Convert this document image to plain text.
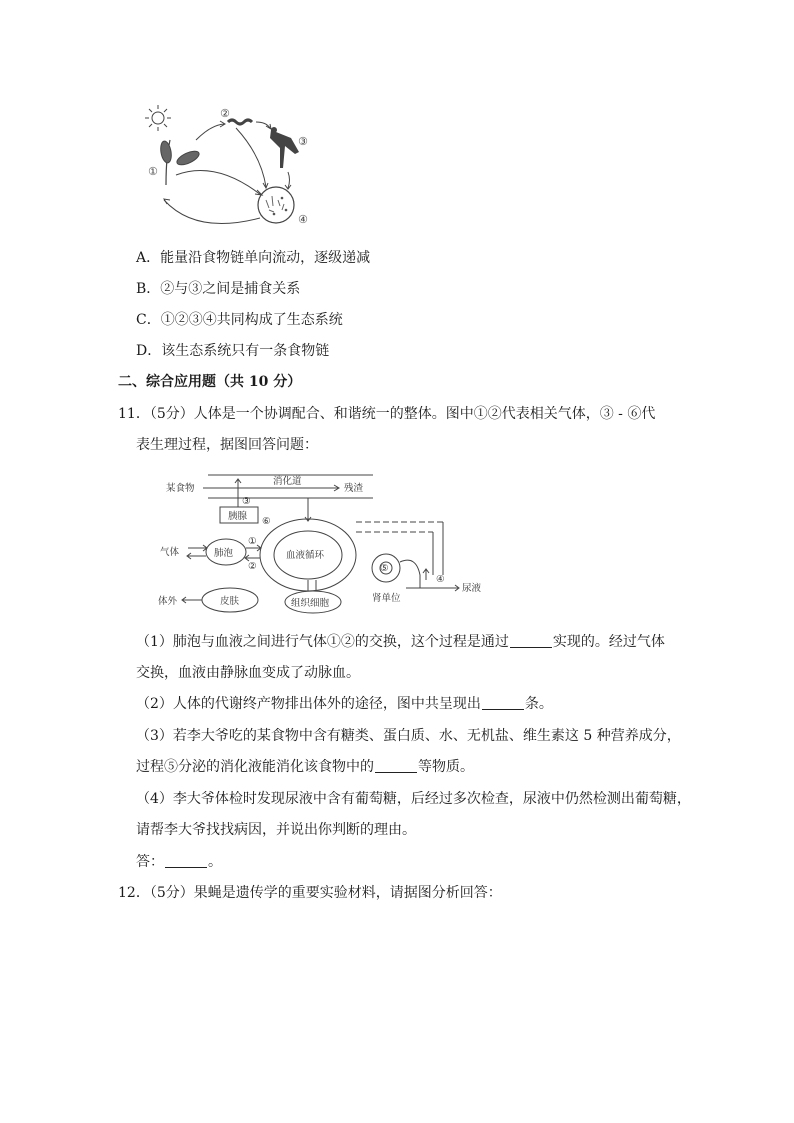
①
②
③
④
A．能量沿食物链单向流动，逐级递减
B．②与③之间是捕食关系
C．①②③④共同构成了生态系统
D．该生态系统只有一条食物链
二、综合应用题（共 10 分）
11．（5分）人体是一个协调配合、和谐统一的整体。图中①②代表相关气体，③ - ⑥代
表生理过程，据图回答问题：
某食物
消化道
残渣
胰腺
气体	肺泡	血液循环
皮肤	组织细胞
体外
尿液
肾单位
③
⑥
①
②	⑤
④
（1）肺泡与血液之间进行气体①②的交换，这个过程是通过	实现的。经过气体
交换，血液由静脉血变成了动脉血。
（2）人体的代谢终产物排出体外的途径，图中共呈现出	条。
（3）若李大爷吃的某食物中含有糖类、蛋白质、水、无机盐、维生素这 5 种营养成分，
过程⑤分泌的消化液能消化该食物中的	等物质。
（4）李大爷体检时发现尿液中含有葡萄糖，后经过多次检查，尿液中仍然检测出葡萄糖，
请帮李大爷找找病因，并说出你判断的理由。
答：	。
12．（5分）果蝇是遗传学的重要实验材料，请据图分析回答：
